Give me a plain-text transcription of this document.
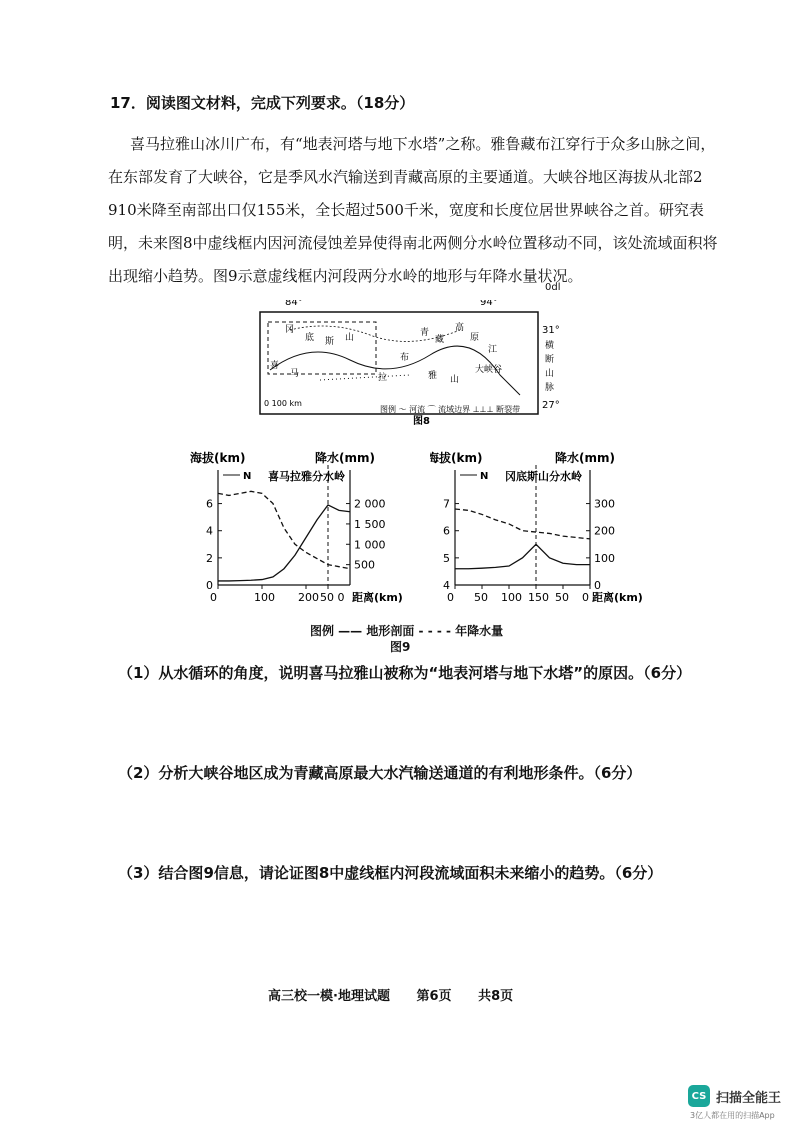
17．阅读图文材料，完成下列要求。（18分）
喜马拉雅山冰川广布，有“地表河塔与地下水塔”之称。雅鲁藏布江穿行于众多山脉之间，在东部发育了大峡谷，它是季风水汽输送到青藏高原的主要通道。大峡谷地区海拔从北部2 910米降至南部出口仅155米，全长超过500千米，宽度和长度位居世界峡谷之首。研究表明，未来图8中虚线框内因河流侵蚀差异使得南北两侧分水岭位置移动不同，该处流域面积将出现缩小趋势。图9示意虚线框内河段两分水岭的地形与年降水量状况。
0dl
84°	94°
31°
27°
冈
底 斯 山	青
藏
高
原
江	横
断
山
脉
喜
马	拉	雅 山
布
大峡谷
0 100 km
图例 〜 河流 ⌒ 流域边界 ⊥⊥⊥ 断裂带
图8
海拔(km)	降水(mm)
距离(km)
喜马拉雅分水岭
N
0
2
4
6
500
1 000
1 500
2 000
0	100 200 50 0
海拔(km)	降水(mm)
距离(km)
冈底斯山分水岭
N
4
5
6
7
0
100
200
300
0 50 100 150 50 0
图例 —— 地形剖面 - - - - 年降水量
图9
（1）从水循环的角度，说明喜马拉雅山被称为“地表河塔与地下水塔”的原因。（6分）
（2）分析大峡谷地区成为青藏高原最大水汽输送通道的有利地形条件。（6分）
（3）结合图9信息，请论证图8中虚线框内河段流域面积未来缩小的趋势。（6分）
高三校一模·地理试题 第6页 共8页
CS 扫描全能王
3亿人都在用的扫描App
